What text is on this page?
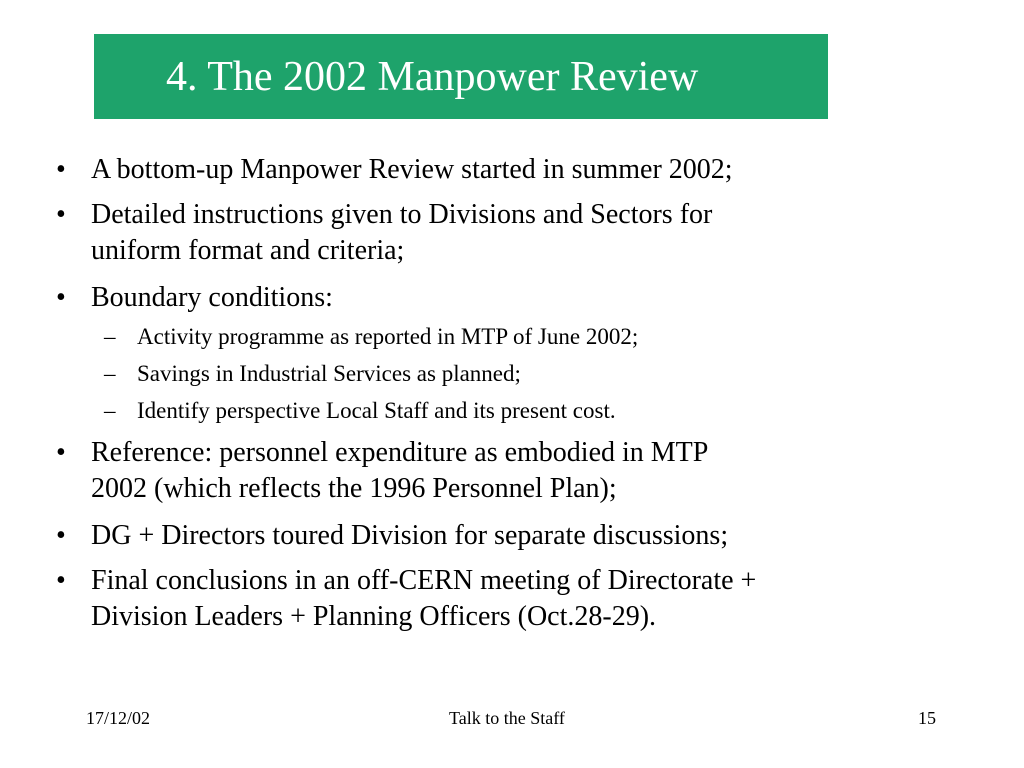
4. The 2002 Manpower Review
• A bottom-up Manpower Review started in summer 2002;
• Detailed instructions given to Divisions and Sectors for
uniform format and criteria;
• Boundary conditions:
– Activity programme as reported in MTP of June 2002;
– Savings in Industrial Services as planned;
– Identify perspective Local Staff and its present cost.
• Reference: personnel expenditure as embodied in MTP
2002 (which reflects the 1996 Personnel Plan);
• DG + Directors toured Division for separate discussions;
• Final conclusions in an off-CERN meeting of Directorate +
Division Leaders + Planning Officers (Oct.28-29).
17/12/02	Talk to the Staff	15
